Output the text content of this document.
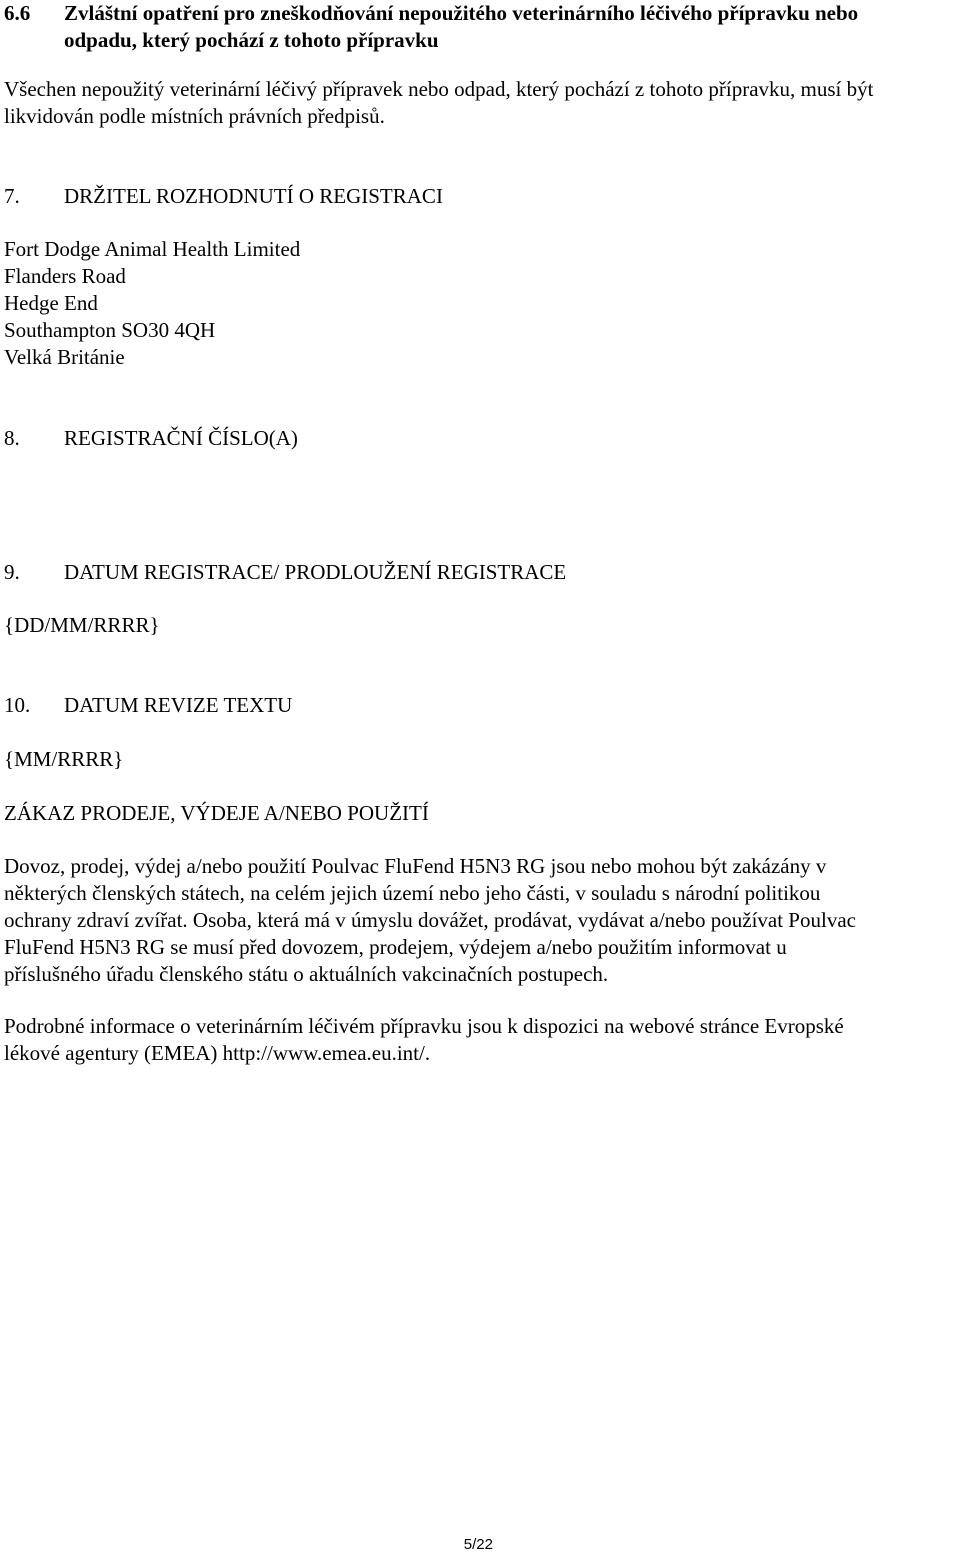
6.6 Zvláštní opatření pro zneškodňování nepoužitého veterinárního léčivého přípravku nebo
odpadu, který pochází z tohoto přípravku
Všechen nepoužitý veterinární léčivý přípravek nebo odpad, který pochází z tohoto přípravku, musí být
likvidován podle místních právních předpisů.
7. DRŽITEL ROZHODNUTÍ O REGISTRACI
Fort Dodge Animal Health Limited
Flanders Road
Hedge End
Southampton SO30 4QH
Velká Británie
8. REGISTRAČNÍ ČÍSLO(A)
9. DATUM REGISTRACE/ PRODLOUŽENÍ REGISTRACE
{DD/MM/RRRR}
10. DATUM REVIZE TEXTU
{MM/RRRR}
ZÁKAZ PRODEJE, VÝDEJE A/NEBO POUŽITÍ
Dovoz, prodej, výdej a/nebo použití Poulvac FluFend H5N3 RG jsou nebo mohou být zakázány v
některých členských státech, na celém jejich území nebo jeho části, v souladu s národní politikou
ochrany zdraví zvířat. Osoba, která má v úmyslu dovážet, prodávat, vydávat a/nebo používat Poulvac
FluFend H5N3 RG se musí před dovozem, prodejem, výdejem a/nebo použitím informovat u
příslušného úřadu členského státu o aktuálních vakcinačních postupech.
Podrobné informace o veterinárním léčivém přípravku jsou k dispozici na webové stránce Evropské
lékové agentury (EMEA) http://www.emea.eu.int/.
5/22
